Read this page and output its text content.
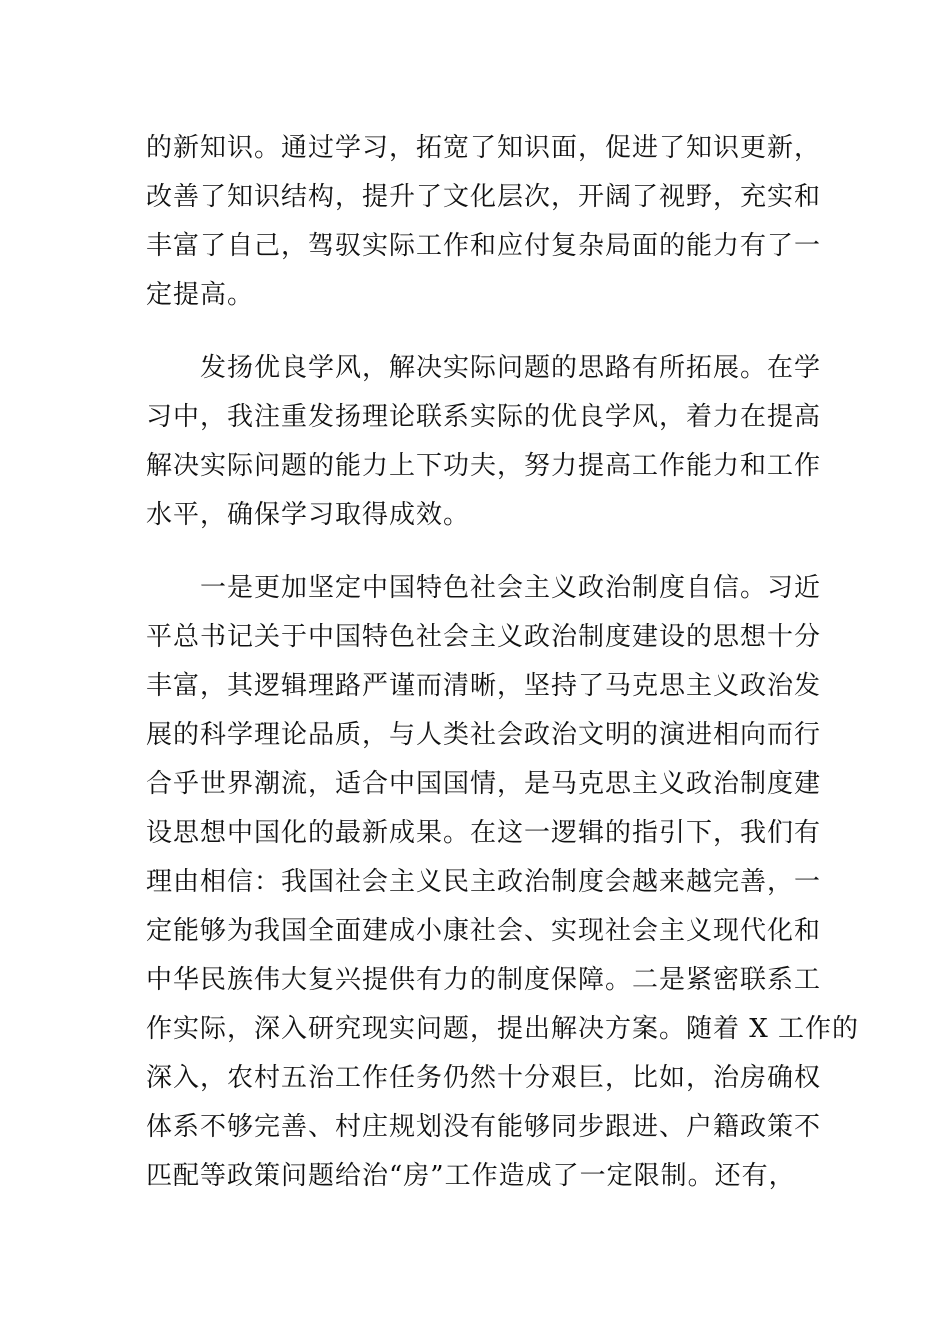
的新知识。通过学习，拓宽了知识面，促进了知识更新，
改善了知识结构，提升了文化层次，开阔了视野，充实和
丰富了自己，驾驭实际工作和应付复杂局面的能力有了一
定提高。
　　发扬优良学风，解决实际问题的思路有所拓展。在学
习中，我注重发扬理论联系实际的优良学风，着力在提高
解决实际问题的能力上下功夫，努力提高工作能力和工作
水平，确保学习取得成效。
　　一是更加坚定中国特色社会主义政治制度自信。习近
平总书记关于中国特色社会主义政治制度建设的思想十分
丰富，其逻辑理路严谨而清晰，坚持了马克思主义政治发
展的科学理论品质，与人类社会政治文明的演进相向而行
合乎世界潮流，适合中国国情，是马克思主义政治制度建
设思想中国化的最新成果。在这一逻辑的指引下，我们有
理由相信：我国社会主义民主政治制度会越来越完善，一
定能够为我国全面建成小康社会、实现社会主义现代化和
中华民族伟大复兴提供有力的制度保障。二是紧密联系工
作实际，深入研究现实问题，提出解决方案。随着 X 工作的
深入，农村五治工作任务仍然十分艰巨，比如，治房确权
体系不够完善、村庄规划没有能够同步跟进、户籍政策不
匹配等政策问题给治“房”工作造成了一定限制。还有，
